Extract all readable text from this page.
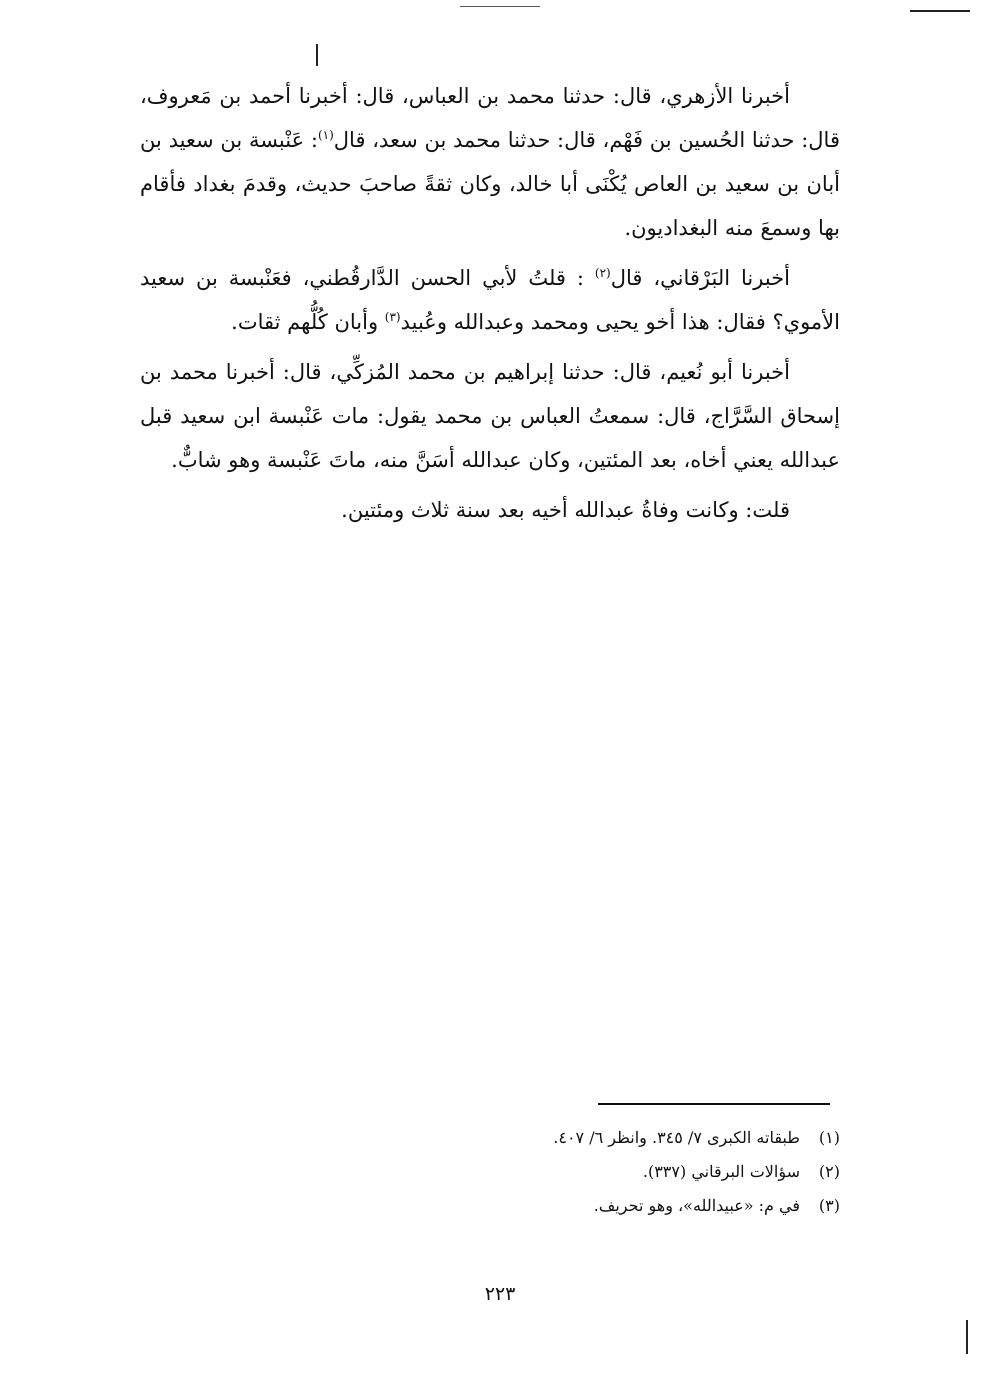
أخبرنا الأزهري، قال: حدثنا محمد بن العباس، قال: أخبرنا أحمد بن مَعروف، قال: حدثنا الحُسين بن فَهْم، قال: حدثنا محمد بن سعد، قال$^{(١)}$: عَنْبسة بن سعيد بن أبان بن سعيد بن العاص يُكْنَى أبا خالد، وكان ثقةً صاحبَ حديث، وقدمَ بغداد فأقام بها وسمعَ منه البغداديون.

أخبرنا البَرْقاني، قال$^{(٢)}$ : قلتُ لأبي الحسن الدَّارقُطني، فعَنْبسة بن سعيد الأموي؟ فقال: هذا أخو يحيى ومحمد وعبدالله وعُبيد$^{(٣)}$ وأبان كُلُّهم ثقات.

أخبرنا أبو نُعيم، قال: حدثنا إبراهيم بن محمد المُزكِّي، قال: أخبرنا محمد بن إسحاق السَّرَّاج، قال: سمعتُ العباس بن محمد يقول: مات عَنْبسة ابن سعيد قبل عبدالله يعني أخاه، بعد المئتين، وكان عبدالله أسَنَّ منه، ماتَ عَنْبسة وهو شابٌّ.

قلت: وكانت وفاةُ عبدالله أخيه بعد سنة ثلاث ومئتين.

(١)
طبقاته الكبرى ٧/ ٣٤٥. وانظر ٦/ ٤٠٧.
(٢)
سؤالات البرقاني (٣٣٧).
(٣)
في م: «عبيدالله»، وهو تحريف.
٢٢٣
